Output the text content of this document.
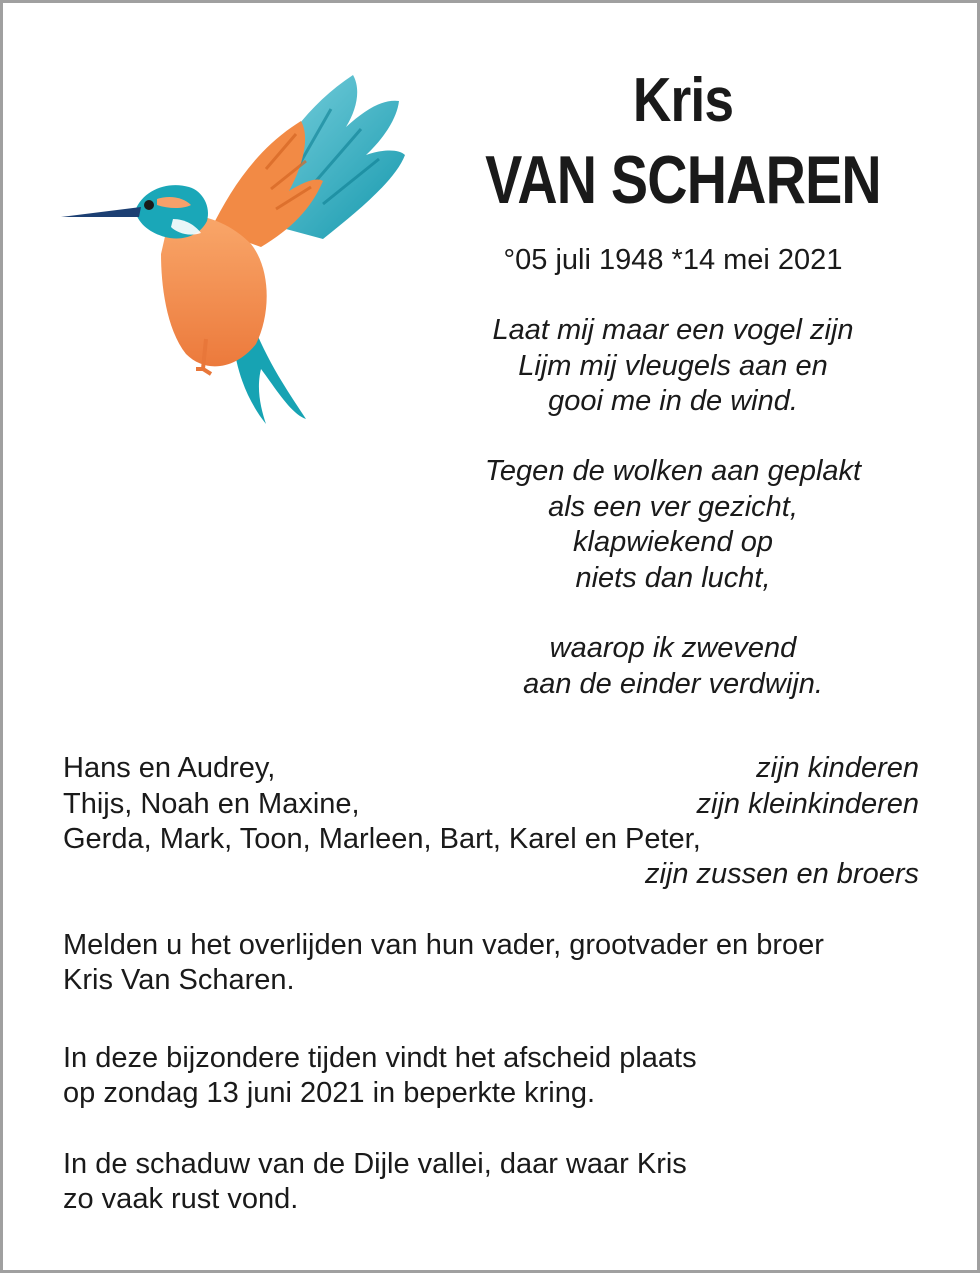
Kris
VAN SCHAREN
°05 juli 1948 *14 mei 2021
Laat mij maar een vogel zijn
Lijm mij vleugels aan en
gooi me in de wind.
Tegen de wolken aan geplakt
als een ver gezicht,
klapwiekend op
niets dan lucht,
waarop ik zwevend
aan de einder verdwijn.
Hans en Audrey,	zijn kinderen
Thijs, Noah en Maxine,	zijn kleinkinderen
Gerda, Mark, Toon, Marleen, Bart, Karel en Peter,
zijn zussen en broers
Melden u het overlijden van hun vader, grootvader en broer
Kris Van Scharen.
In deze bijzondere tijden vindt het afscheid plaats
op zondag 13 juni 2021 in beperkte kring.
In de schaduw van de Dijle vallei, daar waar Kris
zo vaak rust vond.
